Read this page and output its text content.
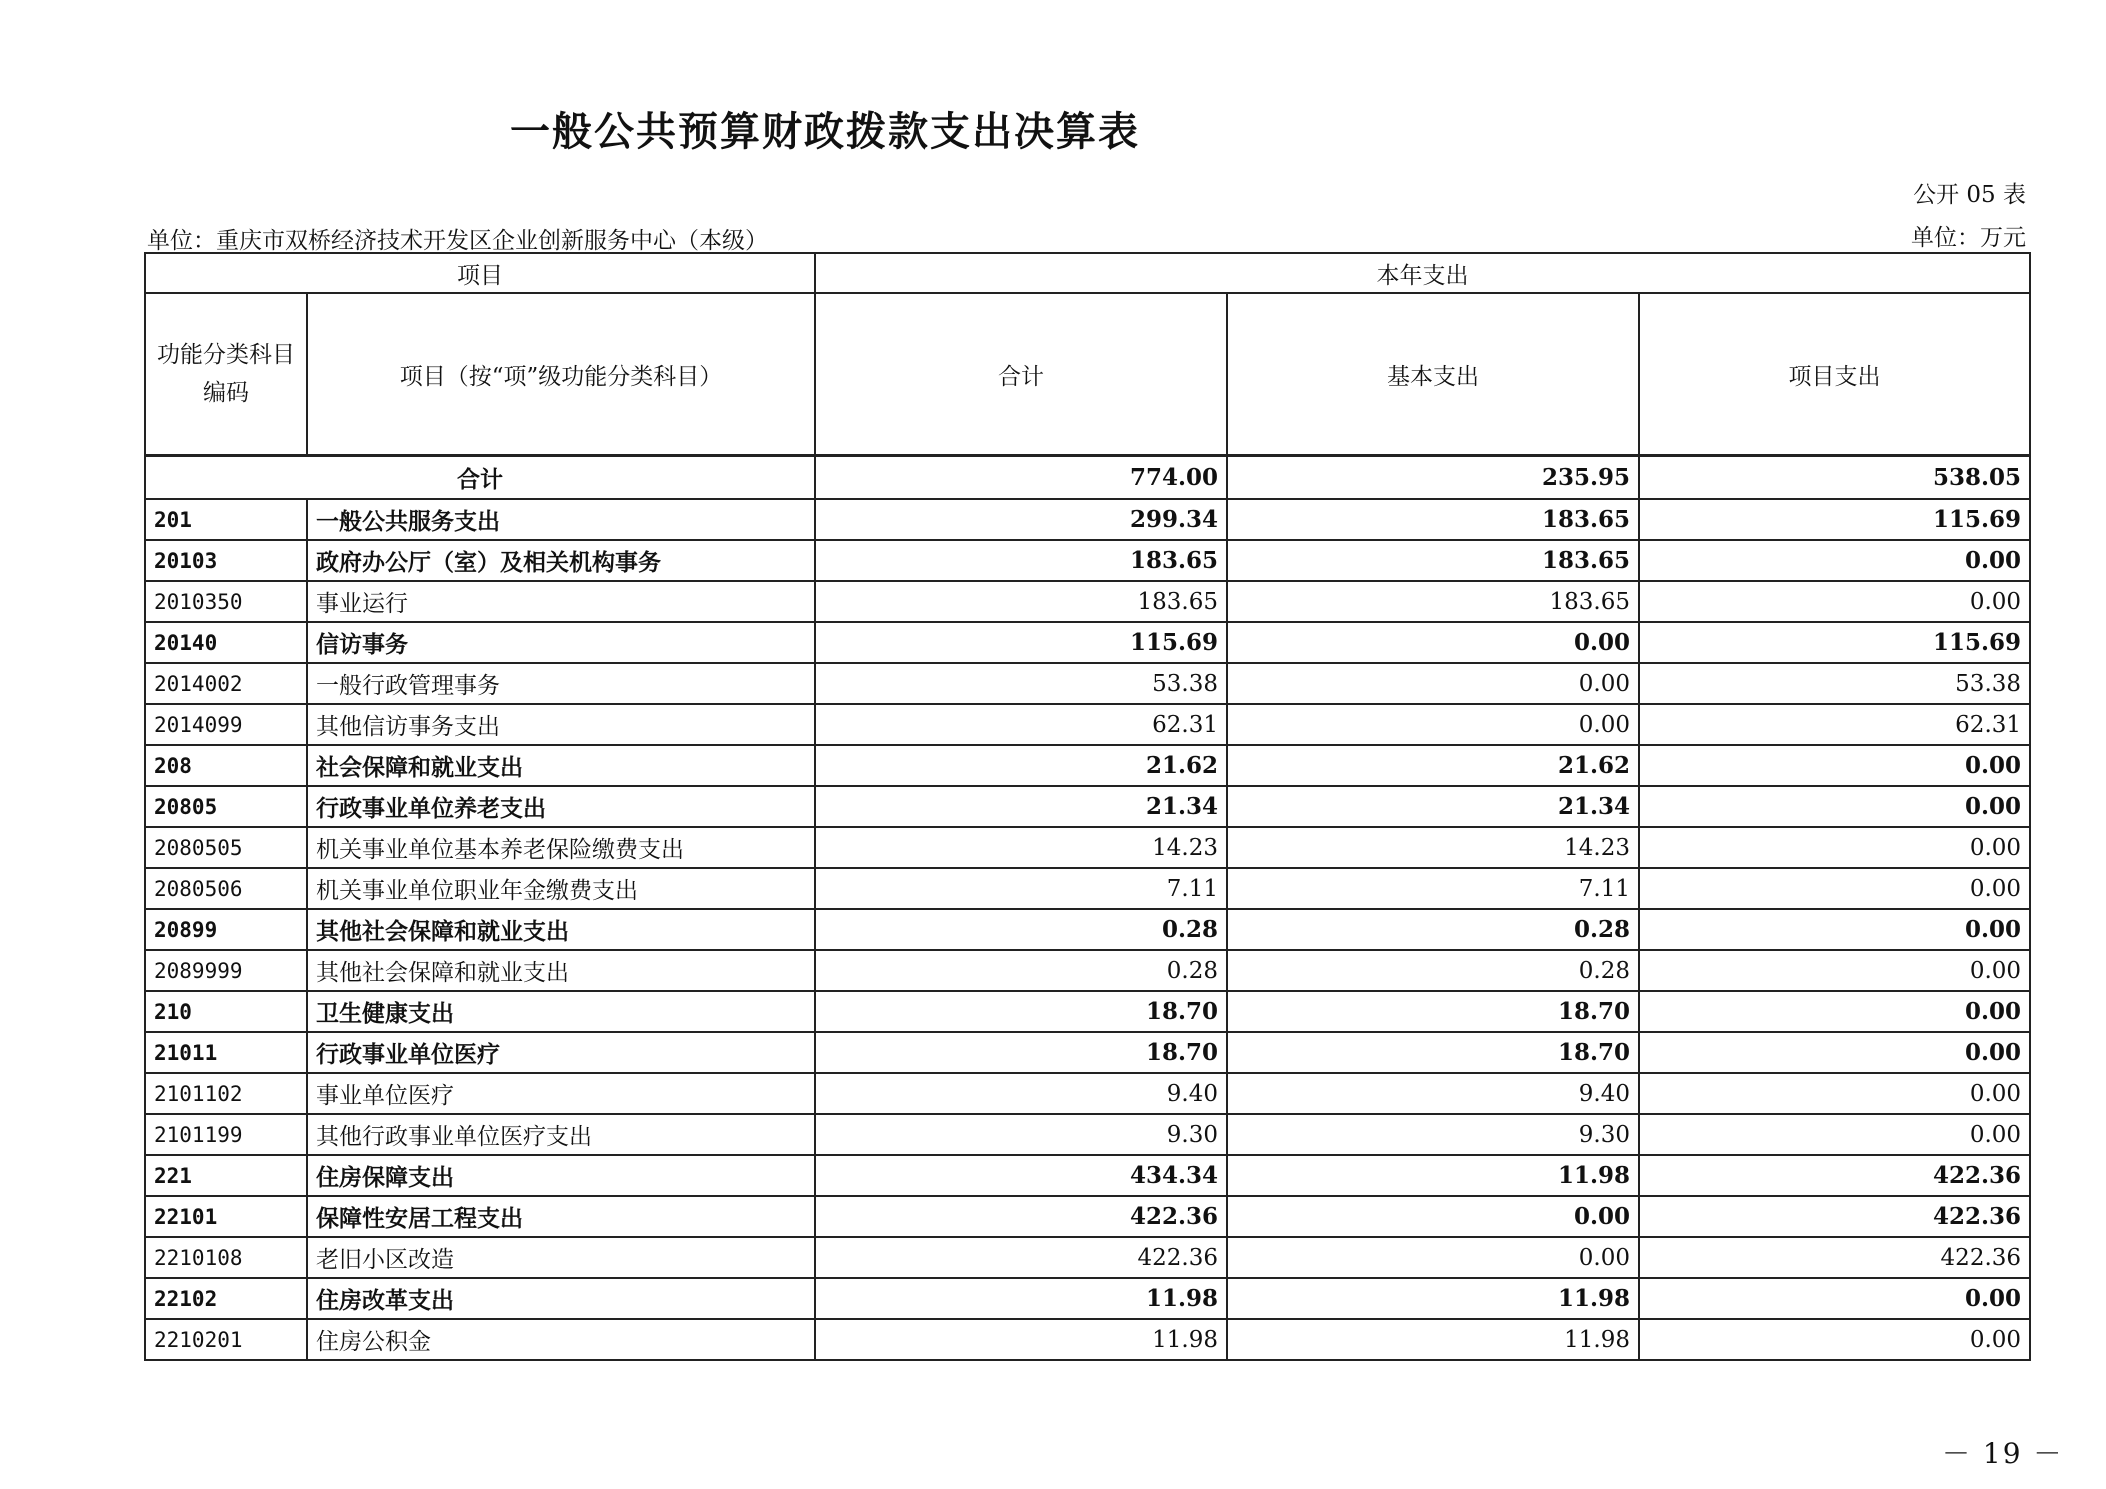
一般公共预算财政拨款支出决算表
公开 05 表
单位：重庆市双桥经济技术开发区企业创新服务中心（本级）	单位：万元
项目		本年支出		
功能分类科目编码	项目（按“项”级功能分类科目）	合计	基本支出	项目支出
合计		774.00	235.95	538.05
201	一般公共服务支出	299.34	183.65	115.69
20103	政府办公厅（室）及相关机构事务	183.65	183.65	0.00
2010350	事业运行	183.65	183.65	0.00
20140	信访事务	115.69	0.00	115.69
2014002	一般行政管理事务	53.38	0.00	53.38
2014099	其他信访事务支出	62.31	0.00	62.31
208	社会保障和就业支出	21.62	21.62	0.00
20805	行政事业单位养老支出	21.34	21.34	0.00
2080505	机关事业单位基本养老保险缴费支出	14.23	14.23	0.00
2080506	机关事业单位职业年金缴费支出	7.11	7.11	0.00
20899	其他社会保障和就业支出	0.28	0.28	0.00
2089999	其他社会保障和就业支出	0.28	0.28	0.00
210	卫生健康支出	18.70	18.70	0.00
21011	行政事业单位医疗	18.70	18.70	0.00
2101102	事业单位医疗	9.40	9.40	0.00
2101199	其他行政事业单位医疗支出	9.30	9.30	0.00
221	住房保障支出	434.34	11.98	422.36
22101	保障性安居工程支出	422.36	0.00	422.36
2210108	老旧小区改造	422.36	0.00	422.36
22102	住房改革支出	11.98	11.98	0.00
2210201	住房公积金	11.98	11.98	0.00
－ 19 －
